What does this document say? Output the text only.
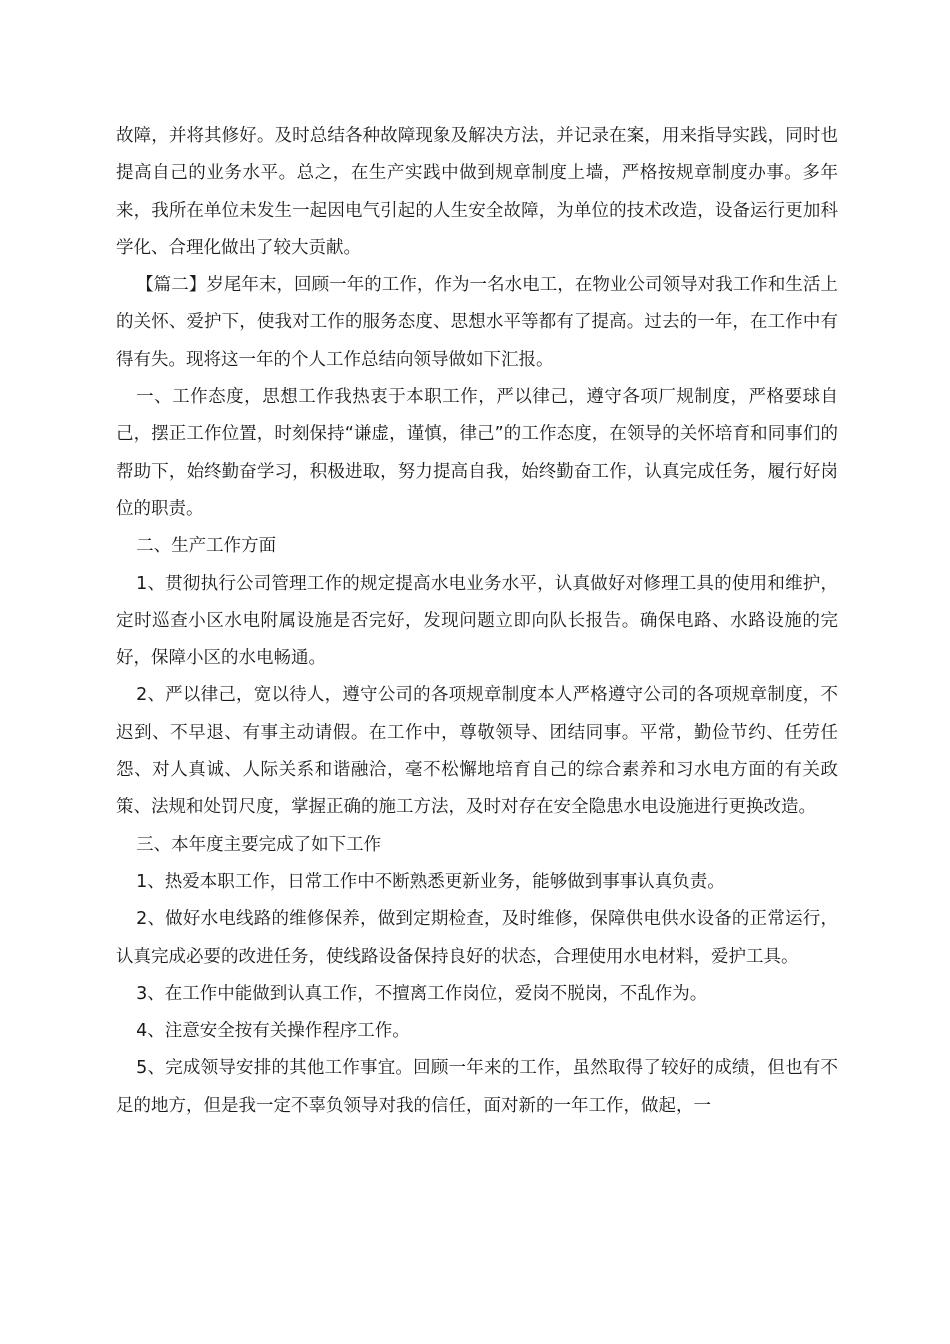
故障，并将其修好。及时总结各种故障现象及解决方法，并记录在案，用来指导实践，同时也提高自己的业务水平。总之，在生产实践中做到规章制度上墙，严格按规章制度办事。多年来，我所在单位未发生一起因电气引起的人生安全故障，为单位的技术改造，设备运行更加科学化、合理化做出了较大贡献。

【篇二】岁尾年末，回顾一年的工作，作为一名水电工，在物业公司领导对我工作和生活上的关怀、爱护下，使我对工作的服务态度、思想水平等都有了提高。过去的一年，在工作中有得有失。现将这一年的个人工作总结向领导做如下汇报。

一、工作态度，思想工作我热衷于本职工作，严以律己，遵守各项厂规制度，严格要球自己，摆正工作位置，时刻保持“谦虚，谨慎，律己”的工作态度，在领导的关怀培育和同事们的帮助下，始终勤奋学习，积极进取，努力提高自我，始终勤奋工作，认真完成任务，履行好岗位的职责。

二、生产工作方面

1、贯彻执行公司管理工作的规定提高水电业务水平，认真做好对修理工具的使用和维护，定时巡查小区水电附属设施是否完好，发现问题立即向队长报告。确保电路、水路设施的完好，保障小区的水电畅通。

2、严以律己，宽以待人，遵守公司的各项规章制度本人严格遵守公司的各项规章制度，不迟到、不早退、有事主动请假。在工作中，尊敬领导、团结同事。平常，勤俭节约、任劳任怨、对人真诚、人际关系和谐融洽，毫不松懈地培育自己的综合素养和习水电方面的有关政策、法规和处罚尺度，掌握正确的施工方法，及时对存在安全隐患水电设施进行更换改造。

三、本年度主要完成了如下工作

1、热爱本职工作，日常工作中不断熟悉更新业务，能够做到事事认真负责。

2、做好水电线路的维修保养，做到定期检查，及时维修，保障供电供水设备的正常运行，认真完成必要的改进任务，使线路设备保持良好的状态，合理使用水电材料，爱护工具。

3、在工作中能做到认真工作，不擅离工作岗位，爱岗不脱岗，不乱作为。

4、注意安全按有关操作程序工作。

5、完成领导安排的其他工作事宜。回顾一年来的工作，虽然取得了较好的成绩，但也有不足的地方，但是我一定不辜负领导对我的信任，面对新的一年工作，做起，一
